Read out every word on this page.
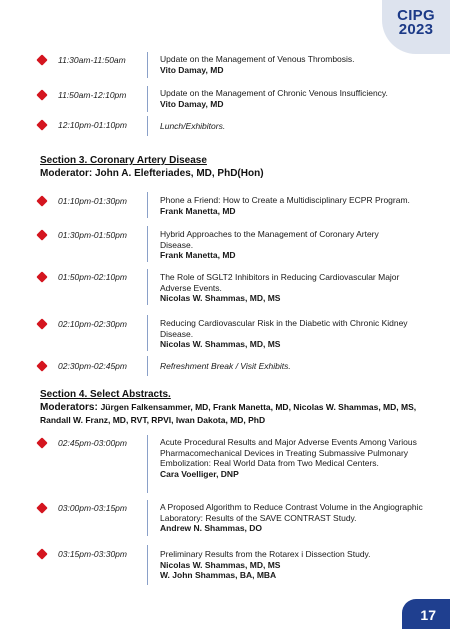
CIPG
2023
11:30am-11:50am	Update on the Management of Venous Thrombosis.
Vito Damay, MD
11:50am-12:10pm	Update on the Management of Chronic Venous Insufficiency.
Vito Damay, MD
12:10pm-01:10pm	Lunch/Exhibitors.
Section 3. Coronary Artery Disease
Moderator: John A. Elefteriades, MD, PhD(Hon)
01:10pm-01:30pm	Phone a Friend: How to Create a Multidisciplinary ECPR Program.
Frank Manetta, MD
01:30pm-01:50pm	Hybrid Approaches to the Management of Coronary Artery Disease.
Frank Manetta, MD
01:50pm-02:10pm	The Role of SGLT2 Inhibitors in Reducing Cardiovascular Major Adverse Events.
Nicolas W. Shammas, MD, MS
02:10pm-02:30pm	Reducing Cardiovascular Risk in the Diabetic with Chronic Kidney Disease.
Nicolas W. Shammas, MD, MS
02:30pm-02:45pm	Refreshment Break / Visit Exhibits.
Section 4. Select Abstracts.
Moderators: Jürgen Falkensammer, MD, Frank Manetta, MD, Nicolas W. Shammas, MD, MS, Randall W. Franz, MD, RVT, RPVI, Iwan Dakota, MD, PhD
02:45pm-03:00pm	Acute Procedural Results and Major Adverse Events Among Various Pharmacomechanical Devices in Treating Submassive Pulmonary Embolization: Real World Data from Two Medical Centers.
Cara Voelliger, DNP
03:00pm-03:15pm	A Proposed Algorithm to Reduce Contrast Volume in the Angiographic Laboratory: Results of the SAVE CONTRAST Study.
Andrew N. Shammas, DO
03:15pm-03:30pm	Preliminary Results from the Rotarex i Dissection Study.
Nicolas W. Shammas, MD, MS
W. John Shammas, BA, MBA
17
